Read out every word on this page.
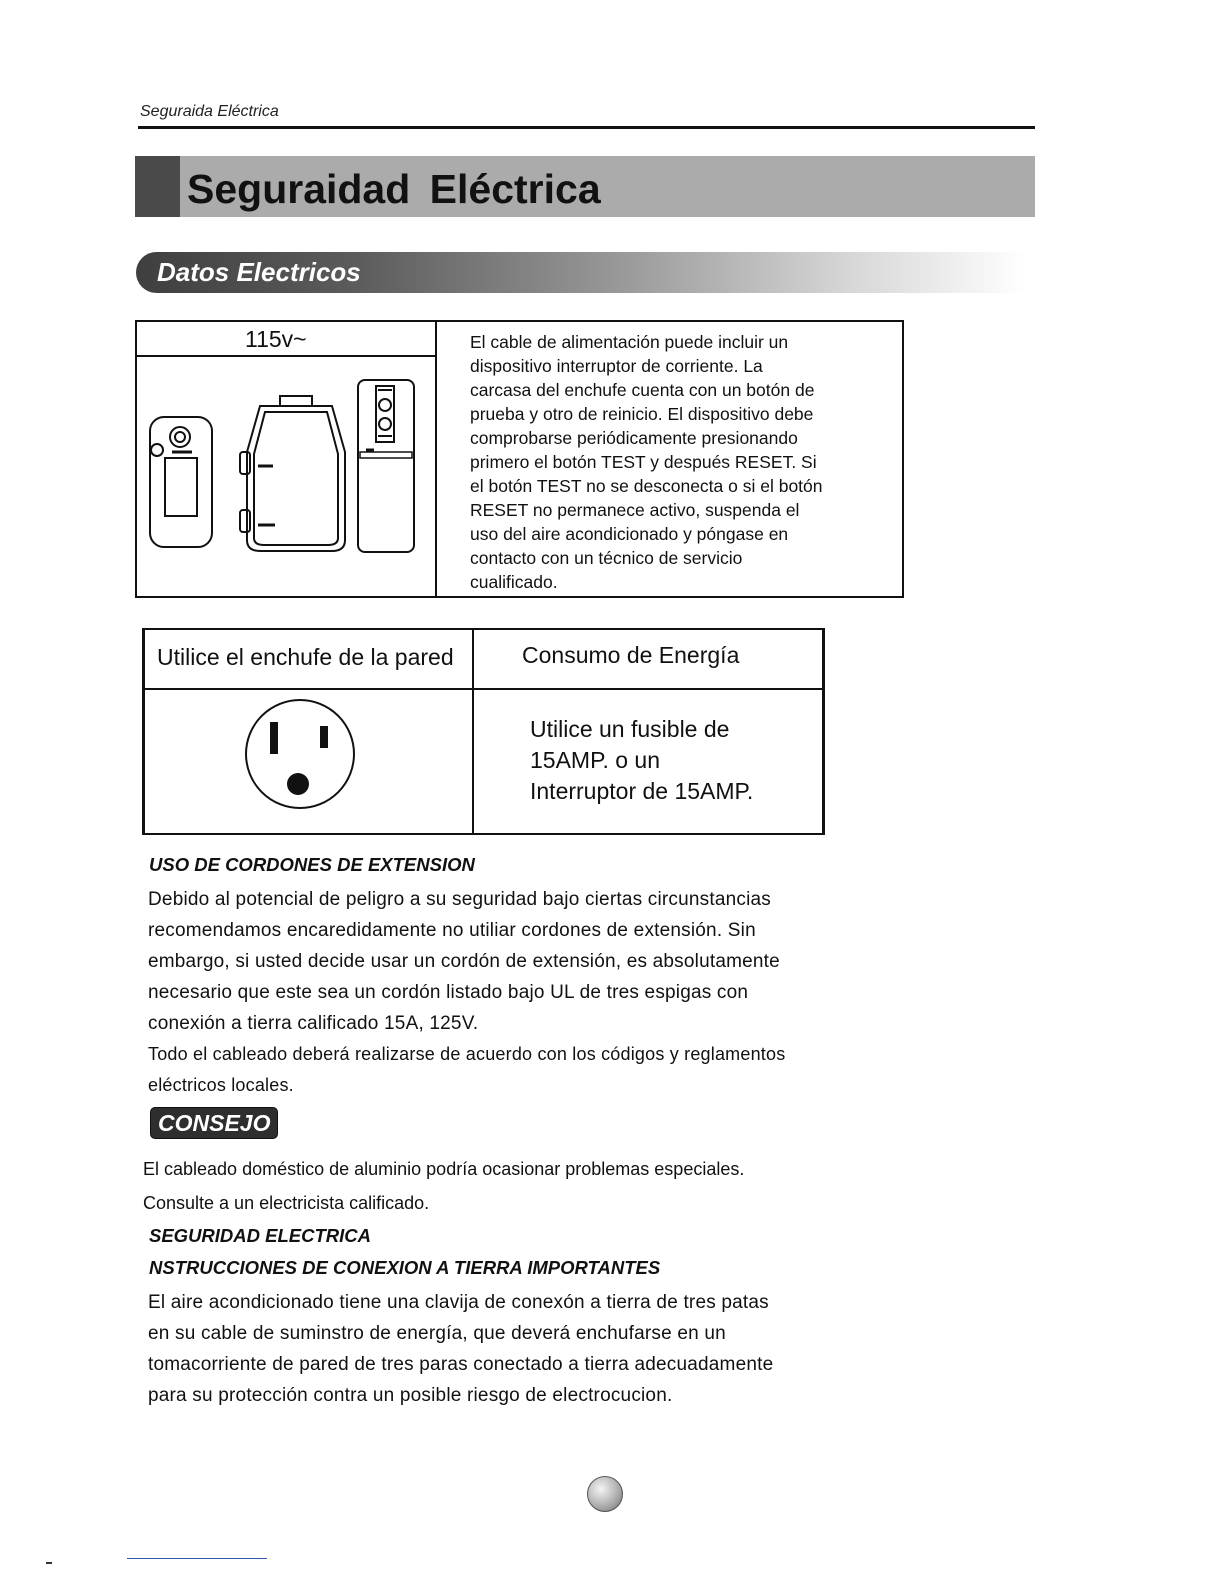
Seguraida Eléctrica
Seguraidad Eléctrica
Datos Electricos
115v~	El cable de alimentación puede incluir un
dispositivo interruptor de corriente. La
carcasa del enchufe cuenta con un botón de
prueba y otro de reinicio. El dispositivo debe
comprobarse periódicamente presionando
primero el botón TEST y después RESET. Si
el botón TEST no se desconecta o si el botón
RESET no permanece activo, suspenda el
uso del aire acondicionado y póngase en
contacto con un técnico de servicio
cualificado.
Utilice el enchufe de la pared	Consumo de Energía
Utilice un fusible de
15AMP. o un
Interruptor de 15AMP.
USO DE CORDONES DE EXTENSION
Debido al potencial de peligro a su seguridad bajo ciertas circunstancias
recomendamos encaredidamente no utiliar cordones de extensión. Sin
embargo, si usted decide usar un cordón de extensión, es absolutamente
necesario que este sea un cordón listado bajo UL de tres espigas con
conexión a tierra calificado 15A, 125V.
Todo el cableado deberá realizarse de acuerdo con los códigos y reglamentos
eléctricos locales.
CONSEJO
El cableado doméstico de aluminio podría ocasionar problemas especiales.
Consulte a un electricista calificado.
SEGURIDAD ELECTRICA
NSTRUCCIONES DE CONEXION A TIERRA IMPORTANTES
El aire acondicionado tiene una clavija de conexón a tierra de tres patas
en su cable de suminstro de energía, que deverá enchufarse en un
tomacorriente de pared de tres paras conectado a tierra adecuadamente
para su protección contra un posible riesgo de electrocucion.
